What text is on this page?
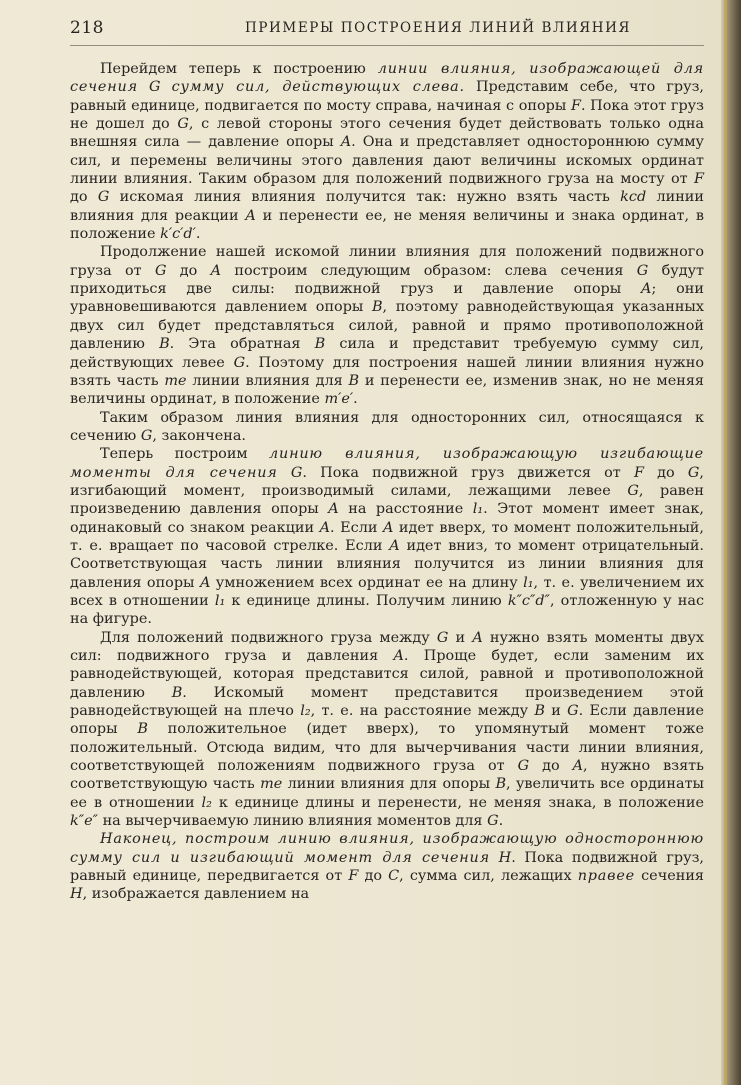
218	ПРИМЕРЫ ПОСТРОЕНИЯ ЛИНИЙ ВЛИЯНИЯ

Перейдем теперь к построению линии влияния, изображающей для сечения G сумму сил, действующих слева. Представим себе, что груз, равный единице, подвигается по мосту справа, начиная с опоры F. Пока этот груз не дошел до G, с левой стороны этого сечения будет действовать только одна внешняя сила — давление опоры A. Она и представляет одностороннюю сумму сил, и перемены величины этого давления дают величины искомых ординат линии влияния. Таким образом для положений подвижного груза на мосту от F до G искомая линия влияния получится так: нужно взять часть kcd линии влияния для реакции A и перенести ее, не меняя величины и знака ординат, в положение k′c′d′.

Продолжение нашей искомой линии влияния для положений подвижного груза от G до A построим следующим образом: слева сечения G будут приходиться две силы: подвижной груз и давление опоры A; они уравновешиваются давлением опоры B, поэтому равнодействующая указанных двух сил будет представляться силой, равной и прямо противоположной давлению B. Эта обратная B сила и представит требуемую сумму сил, действующих левее G. Поэтому для построения нашей линии влияния нужно взять часть me линии влияния для B и перенести ее, изменив знак, но не меняя величины ординат, в положение m′e′.

Таким образом линия влияния для односторонних сил, относящаяся к сечению G, закончена.

Теперь построим линию влияния, изображающую изгибающие моменты для сечения G. Пока подвижной груз движется от F до G, изгибающий момент, производимый силами, лежащими левее G, равен произведению давления опоры A на расстояние l₁. Этот момент имеет знак, одинаковый со знаком реакции A. Если A идет вверх, то момент положительный, т. е. вращает по часовой стрелке. Если A идет вниз, то момент отрицательный. Соответствующая часть линии влияния получится из линии влияния для давления опоры A умножением всех ординат ее на длину l₁, т. е. увеличением их всех в отношении l₁ к единице длины. Получим линию k″c″d″, отложенную у нас на фигуре.

Для положений подвижного груза между G и A нужно взять моменты двух сил: подвижного груза и давления A. Проще будет, если заменим их равнодействующей, которая представится силой, равной и противоположной давлению B. Искомый момент представится произведением этой равнодействующей на плечо l₂, т. е. на расстояние между B и G. Если давление опоры B положительное (идет вверх), то упомянутый момент тоже положительный. Отсюда видим, что для вычерчивания части линии влияния, соответствующей положениям подвижного груза от G до A, нужно взять соответствующую часть me линии влияния для опоры B, увеличить все ординаты ее в отношении l₂ к единице длины и перенести, не меняя знака, в положение k″e″ на вычерчиваемую линию влияния моментов для G.

Наконец, построим линию влияния, изображающую одностороннюю сумму сил и изгибающий момент для сечения H. Пока подвижной груз, равный единице, передвигается от F до C, сумма сил, лежащих правее сечения H, изображается давлением на
